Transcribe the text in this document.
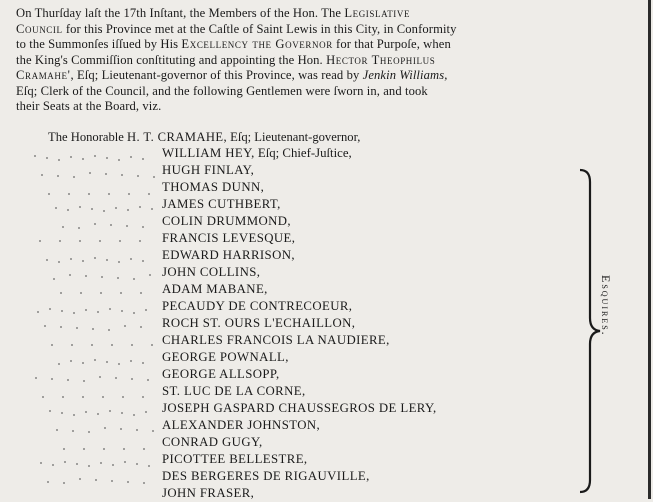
On Thurſday laſt the 17th Inſtant, the Members of the Hon. The Legislative
Council for this Province met at the Caſtle of Saint Lewis in this City, in Conformity
to the Summonſes iſſued by His Excellency the Governor for that Purpoſe, when
the King's Commiſſion conſtituting and appointing the Hon. Hector Theophilus
Cramahe', Eſq; Lieutenant-governor of this Province, was read by Jenkin Williams,
Eſq; Clerk of the Council, and the following Gentlemen were ſworn in, and took
their Seats at the Board, viz.
The Honorable H. T. CRAMAHE, Eſq; Lieutenant-governor,
WILLIAM HEY, Eſq; Chief-Juſtice,
HUGH FINLAY,
THOMAS DUNN,
JAMES CUTHBERT,
COLIN DRUMMOND,
FRANCIS LEVESQUE,
EDWARD HARRISON,
JOHN COLLINS,
ADAM MABANE,
PECAUDY DE CONTRECOEUR,
ROCH ST. OURS L'ECHAILLON,
CHARLES FRANCOIS LA NAUDIERE,
GEORGE POWNALL,
GEORGE ALLSOPP,
ST. LUC DE LA CORNE,
JOSEPH GASPARD CHAUSSEGROS DE LERY,
ALEXANDER JOHNSTON,
CONRAD GUGY,
PICOTTEE BELLESTRE,
DES BERGERES DE RIGAUVILLE,
JOHN FRASER,
Esquires.
